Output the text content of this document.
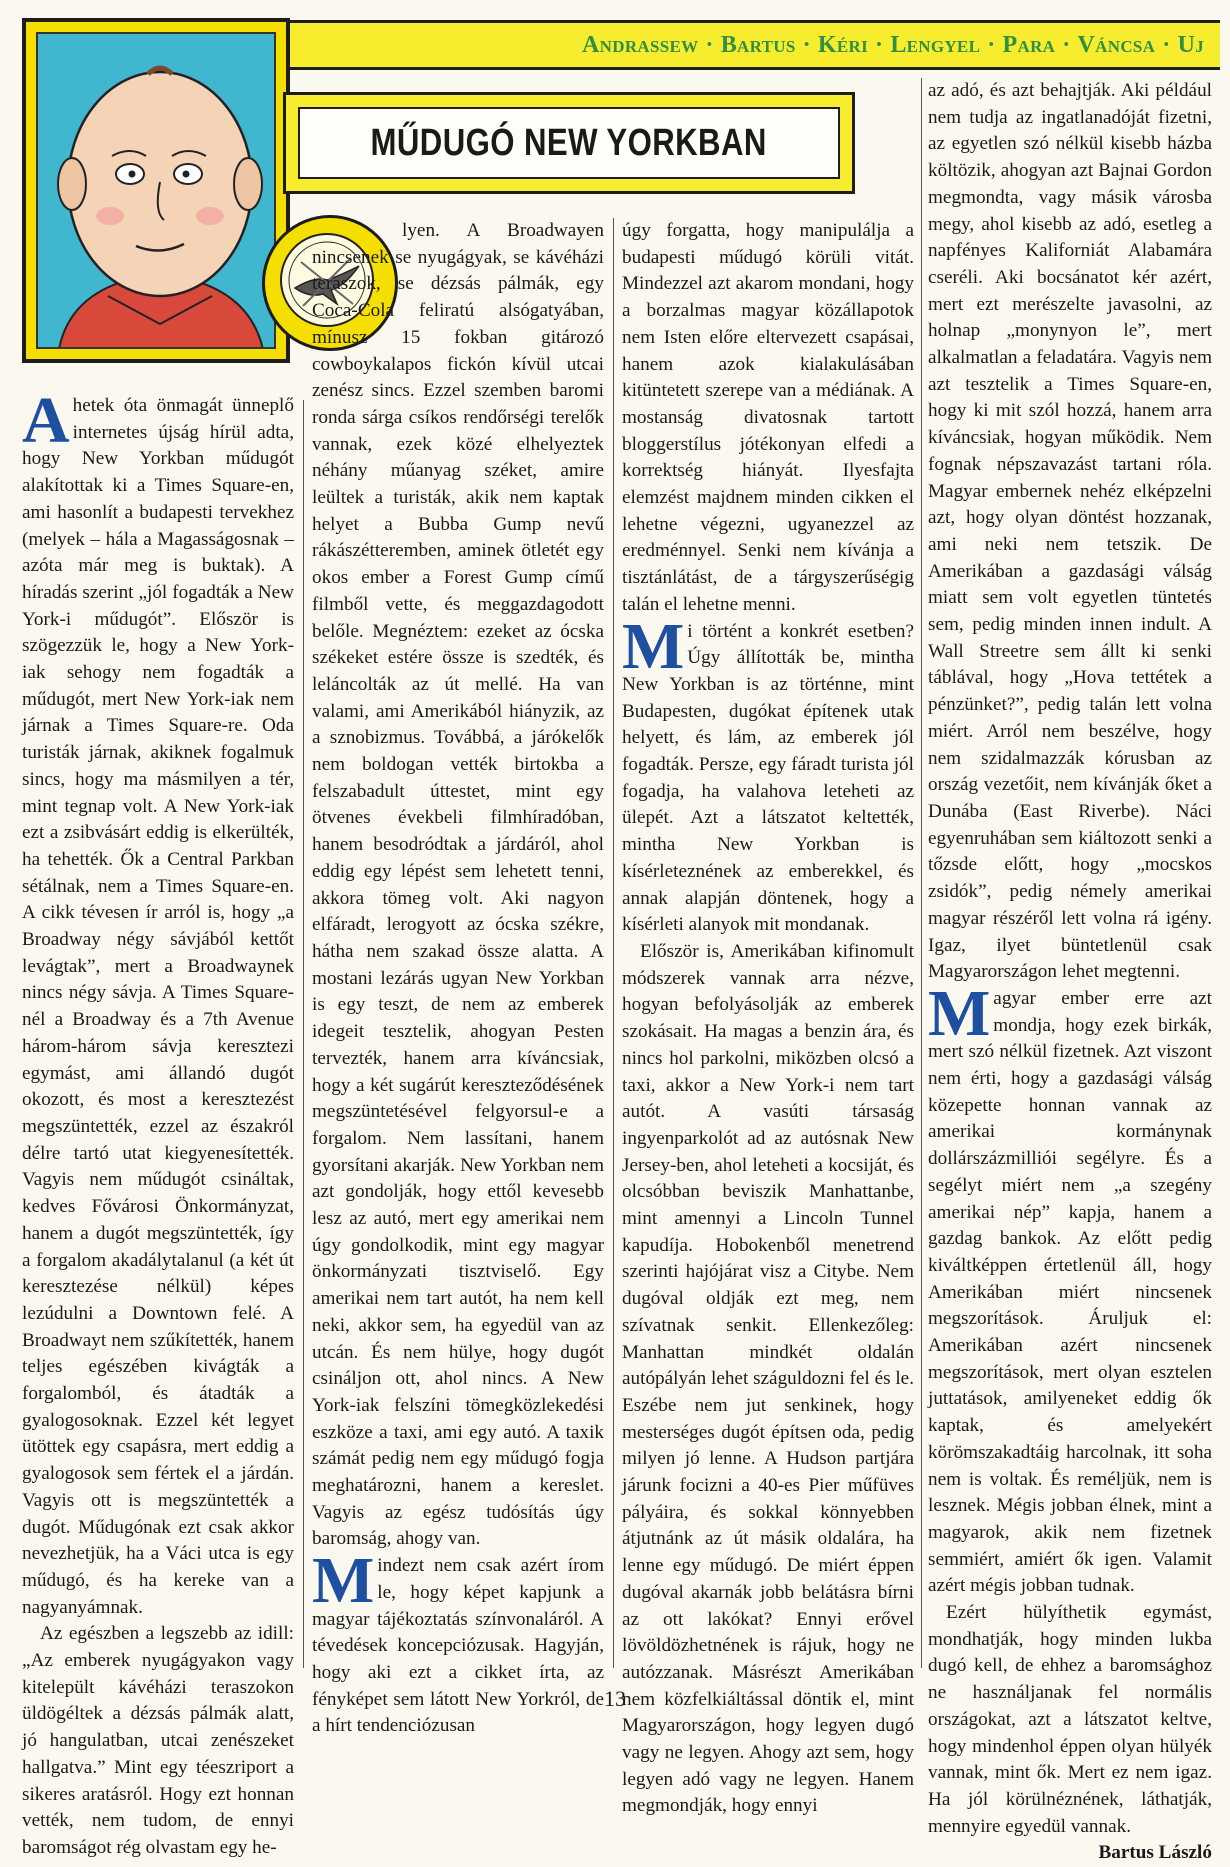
Andrassew · Bartus · Kéri · Lengyel · Para · Váncsa · Uj
MŰDUGÓ NEW YORKBAN

Ahetek óta önmagát ünneplő internetes újság hírül adta, hogy New Yorkban műdugót alakítottak ki a Times Square-en, ami hasonlít a budapesti tervekhez (melyek – hála a Magasságosnak – azóta már meg is buktak). A híradás szerint „jól fogadták a New York-i műdugót”. Először is szögezzük le, hogy a New York-iak sehogy nem fogadták a műdugót, mert New York-iak nem járnak a Times Square-re. Oda turisták járnak, akiknek fogalmuk sincs, hogy ma másmilyen a tér, mint tegnap volt. A New York-iak ezt a zsibvásárt eddig is elkerülték, ha tehették. Ők a Central Parkban sétálnak, nem a Times Square-en. A cikk tévesen ír arról is, hogy „a Broadway négy sávjából kettőt levágtak”, mert a Broadwaynek nincs négy sávja. A Times Square-nél a Broadway és a 7th Avenue három-három sávja keresztezi egymást, ami állandó dugót okozott, és most a keresztezést megszüntették, ezzel az északról délre tartó utat kiegyenesítették. Vagyis nem műdugót csináltak, kedves Fővárosi Önkormányzat, hanem a dugót megszüntették, így a forgalom akadálytalanul (a két út keresztezése nélkül) képes lezúdulni a Downtown felé. A Broadwayt nem szűkítették, hanem teljes egészében kivágták a forgalomból, és átadták a gyalogosoknak. Ezzel két legyet ütöttek egy csapásra, mert eddig a gyalogosok sem fértek el a járdán. Vagyis ott is megszüntették a dugót. Műdugónak ezt csak akkor nevezhetjük, ha a Váci utca is egy műdugó, és ha kereke van a nagyanyámnak.

Az egészben a legszebb az idill: „Az emberek nyugágyakon vagy kitelepült kávéházi teraszokon üldögéltek a dézsás pálmák alatt, jó hangulatban, utcai zenészeket hallgatva.” Mint egy téeszriport a sikeres aratásról. Hogy ezt honnan vették, nem tudom, de ennyi baromságot rég olvastam egy he-

lyen. A Broadwayen nincsenek se nyugágyak, se kávéházi teraszok, se dézsás pálmák, egy Coca-Cola feliratú alsógatyában, mínusz 15 fokban gitározó cowboykalapos fickón kívül utcai zenész sincs. Ezzel szemben baromi ronda sárga csíkos rendőrségi terelők vannak, ezek közé elhelyeztek néhány műanyag széket, amire leültek a turisták, akik nem kaptak helyet a Bubba Gump nevű rákászétteremben, aminek ötletét egy okos ember a Forest Gump című filmből vette, és meggazdagodott belőle. Megnéztem: ezeket az ócska székeket estére össze is szedték, és leláncolták az út mellé. Ha van valami, ami Amerikából hiányzik, az a sznobizmus. Továbbá, a járókelők nem boldogan vették birtokba a felszabadult úttestet, mint egy ötvenes évekbeli filmhíradóban, hanem besodródtak a járdáról, ahol eddig egy lépést sem lehetett tenni, akkora tömeg volt. Aki nagyon elfáradt, lerogyott az ócska székre, hátha nem szakad össze alatta. A mostani lezárás ugyan New Yorkban is egy teszt, de nem az emberek idegeit tesztelik, ahogyan Pesten tervezték, hanem arra kíváncsiak, hogy a két sugárút kereszteződésének megszüntetésével felgyorsul-e a forgalom. Nem lassítani, hanem gyorsítani akarják. New Yorkban nem azt gondolják, hogy ettől kevesebb lesz az autó, mert egy amerikai nem úgy gondolkodik, mint egy magyar önkormányzati tisztviselő. Egy amerikai nem tart autót, ha nem kell neki, akkor sem, ha egyedül van az utcán. És nem hülye, hogy dugót csináljon ott, ahol nincs. A New York-iak felszíni tömegközlekedési eszköze a taxi, ami egy autó. A taxik számát pedig nem egy műdugó fogja meghatározni, hanem a kereslet. Vagyis az egész tudósítás úgy baromság, ahogy van.

Mindezt nem csak azért írom le, hogy képet kapjunk a magyar tájékoztatás színvonaláról. A tévedések koncepciózusak. Hagyján, hogy aki ezt a cikket írta, az fényképet sem látott New Yorkról, de a hírt tendenciózusan

úgy forgatta, hogy manipulálja a budapesti műdugó körüli vitát. Mindezzel azt akarom mondani, hogy a borzalmas magyar közállapotok nem Isten előre eltervezett csapásai, hanem azok kialakulásában kitüntetett szerepe van a médiának. A mostanság divatosnak tartott bloggerstílus jótékonyan elfedi a korrektség hiányát. Ilyesfajta elemzést majdnem minden cikken el lehetne végezni, ugyanezzel az eredménnyel. Senki nem kívánja a tisztánlátást, de a tárgyszerűségig talán el lehetne menni.

Mi történt a konkrét esetben? Úgy állították be, mintha New Yorkban is az történne, mint Budapesten, dugókat építenek utak helyett, és lám, az emberek jól fogadták. Persze, egy fáradt turista jól fogadja, ha valahova leteheti az ülepét. Azt a látszatot keltették, mintha New Yorkban is kísérleteznének az emberekkel, és annak alapján döntenek, hogy a kísérleti alanyok mit mondanak.

Először is, Amerikában kifinomult módszerek vannak arra nézve, hogyan befolyásolják az emberek szokásait. Ha magas a benzin ára, és nincs hol parkolni, miközben olcsó a taxi, akkor a New York-i nem tart autót. A vasúti társaság ingyenparkolót ad az autósnak New Jersey-ben, ahol leteheti a kocsiját, és olcsóbban beviszik Manhattanbe, mint amennyi a Lincoln Tunnel kapudíja. Hobokenből menetrend szerinti hajójárat visz a Citybe. Nem dugóval oldják ezt meg, nem szívatnak senkit. Ellenkezőleg: Manhattan mindkét oldalán autópályán lehet száguldozni fel és le. Eszébe nem jut senkinek, hogy mesterséges dugót építsen oda, pedig milyen jó lenne. A Hudson partjára járunk focizni a 40-es Pier műfüves pályáira, és sokkal könnyebben átjutnánk az út másik oldalára, ha lenne egy műdugó. De miért éppen dugóval akarnák jobb belátásra bírni az ott lakókat? Ennyi erővel lövöldözhetnének is rájuk, hogy ne autózzanak. Másrészt Amerikában nem közfelkiáltással döntik el, mint Magyarországon, hogy legyen dugó vagy ne legyen. Ahogy azt sem, hogy legyen adó vagy ne legyen. Hanem megmondják, hogy ennyi

az adó, és azt behajtják. Aki például nem tudja az ingatlanadóját fizetni, az egyetlen szó nélkül kisebb házba költözik, ahogyan azt Bajnai Gordon megmondta, vagy másik városba megy, ahol kisebb az adó, esetleg a napfényes Kaliforniát Alabamára cseréli. Aki bocsánatot kér azért, mert ezt merészelte javasolni, az holnap „monynyon le”, mert alkalmatlan a feladatára. Vagyis nem azt tesztelik a Times Square-en, hogy ki mit szól hozzá, hanem arra kíváncsiak, hogyan működik. Nem fognak népszavazást tartani róla. Magyar embernek nehéz elképzelni azt, hogy olyan döntést hozzanak, ami neki nem tetszik. De Amerikában a gazdasági válság miatt sem volt egyetlen tüntetés sem, pedig minden innen indult. A Wall Streetre sem állt ki senki táblával, hogy „Hova tettétek a pénzünket?”, pedig talán lett volna miért. Arról nem beszélve, hogy nem szidalmazzák kórusban az ország vezetőit, nem kívánják őket a Dunába (East Riverbe). Náci egyenruhában sem kiáltozott senki a tőzsde előtt, hogy „mocskos zsidók”, pedig némely amerikai magyar részéről lett volna rá igény. Igaz, ilyet büntetlenül csak Magyarországon lehet megtenni.

Magyar ember erre azt mondja, hogy ezek birkák, mert szó nélkül fizetnek. Azt viszont nem érti, hogy a gazdasági válság közepette honnan vannak az amerikai kormánynak dollárszázmilliói segélyre. És a segélyt miért nem „a szegény amerikai nép” kapja, hanem a gazdag bankok. Az előtt pedig kiváltképpen értetlenül áll, hogy Amerikában miért nincsenek megszorítások. Áruljuk el: Amerikában azért nincsenek megszorítások, mert olyan esztelen juttatások, amilyeneket eddig ők kaptak, és amelyekért körömszakadtáig harcolnak, itt soha nem is voltak. És reméljük, nem is lesznek. Mégis jobban élnek, mint a magyarok, akik nem fizetnek semmiért, amiért ők igen. Valamit azért mégis jobban tudnak.

Ezért hülyíthetik egymást, mondhatják, hogy minden lukba dugó kell, de ehhez a baromsághoz ne használjanak fel normális országokat, azt a látszatot keltve, hogy mindenhol éppen olyan hülyék vannak, mint ők. Mert ez nem igaz. Ha jól körülnéznének, láthatják, mennyire egyedül vannak.

Bartus László

13
